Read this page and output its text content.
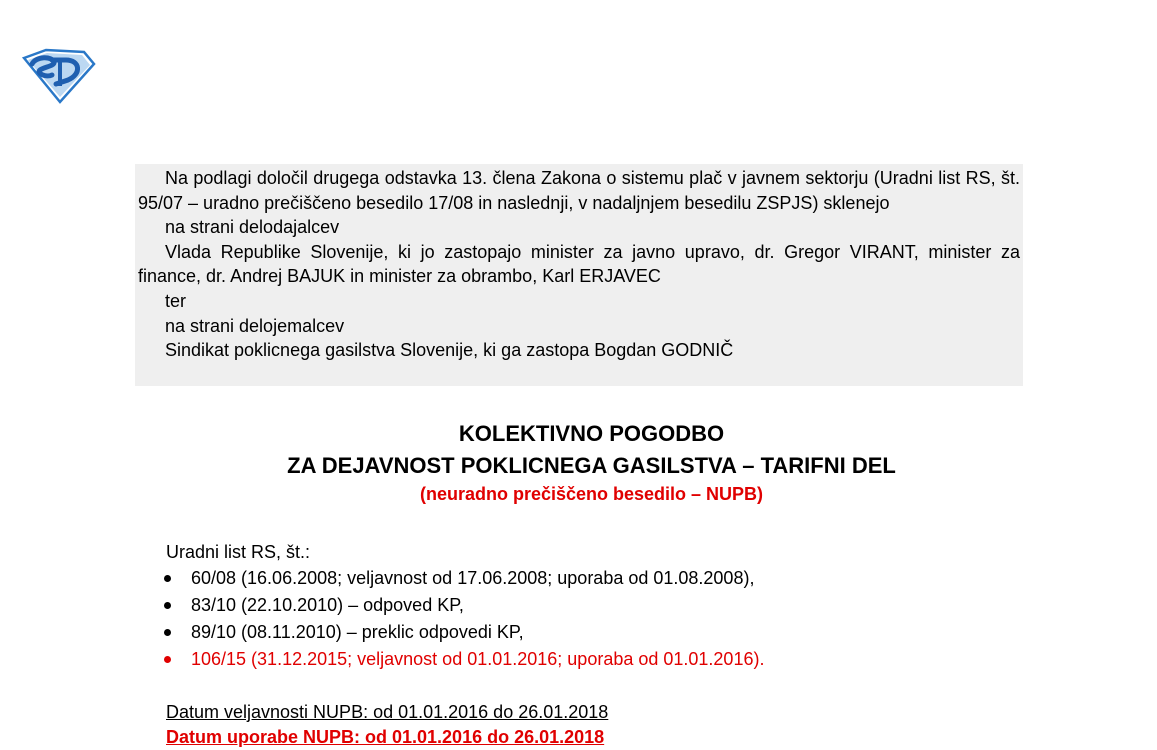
Na podlagi določil drugega odstavka 13. člena Zakona o sistemu plač v javnem sektorju (Uradni list RS, št. 95/07 – uradno prečiščeno besedilo 17/08 in naslednji, v nadaljnjem besedilu ZSPJS) sklenejo

na strani delodajalcev

Vlada Republike Slovenije, ki jo zastopajo minister za javno upravo, dr. Gregor VIRANT, minister za finance, dr. Andrej BAJUK in minister za obrambo, Karl ERJAVEC

ter

na strani delojemalcev

Sindikat poklicnega gasilstva Slovenije, ki ga zastopa Bogdan GODNIČ

KOLEKTIVNO POGODBO
ZA DEJAVNOST POKLICNEGA GASILSTVA – TARIFNI DEL
(neuradno prečiščeno besedilo – NUPB)
Uradni list RS, št.:
60/08 (16.06.2008; veljavnost od 17.06.2008; uporaba od 01.08.2008),
83/10 (22.10.2010) – odpoved KP,
89/10 (08.11.2010) – preklic odpovedi KP,
106/15 (31.12.2015; veljavnost od 01.01.2016; uporaba od 01.01.2016).
Datum veljavnosti NUPB: od 01.01.2016 do 26.01.2018
Datum uporabe NUPB: od 01.01.2016 do 26.01.2018
